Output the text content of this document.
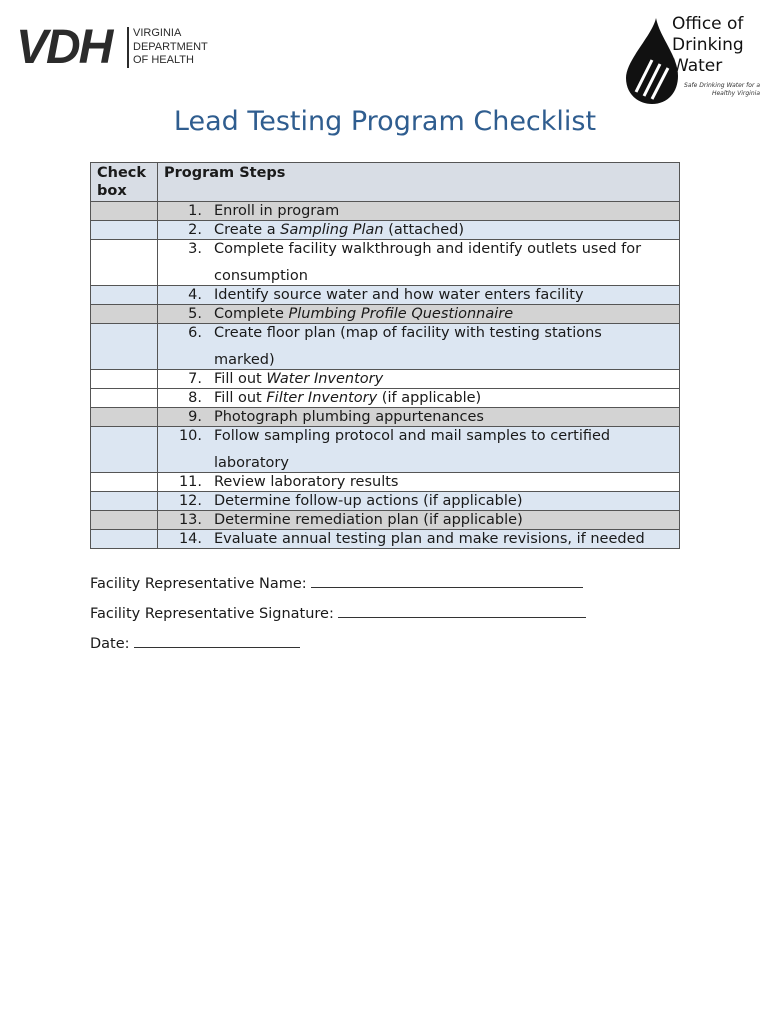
VDH VIRGINIA
DEPARTMENT
OF HEALTH
Office of
Drinking
Water
Safe Drinking Water for a Healthy Virginia
Lead Testing Program Checklist
Check box	Program Steps

	1. Enroll in program

	2. Create a Sampling Plan (attached)

	3. Complete facility walkthrough and identify outlets used for
consumption

	4. Identify source water and how water enters facility

	5. Complete Plumbing Profile Questionnaire

	6. Create floor plan (map of facility with testing stations
marked)

	7. Fill out Water Inventory

	8. Fill out Filter Inventory (if applicable)

	9. Photograph plumbing appurtenances

	10. Follow sampling protocol and mail samples to certified
laboratory

	11. Review laboratory results

	12. Determine follow-up actions (if applicable)

	13. Determine remediation plan (if applicable)

	14. Evaluate annual testing plan and make revisions, if needed
Facility Representative Name:
Facility Representative Signature:
Date:
